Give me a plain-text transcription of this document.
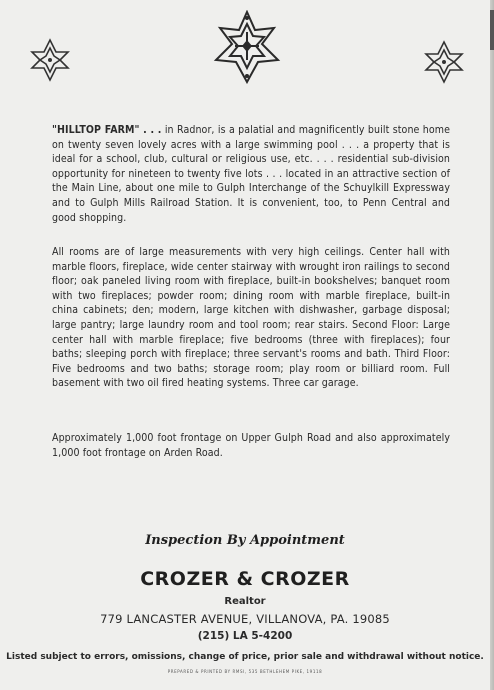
"HILLTOP FARM" . . . in Radnor, is a palatial and magnificently built stone home on twenty seven lovely acres with a large swimming pool . . . a property that is ideal for a school, club, cultural or religious use, etc. . . . residential sub-division opportunity for nineteen to twenty five lots . . . located in an attractive section of the Main Line, about one mile to Gulph Interchange of the Schuylkill Expressway and to Gulph Mills Railroad Station. It is convenient, too, to Penn Central and good shopping.
All rooms are of large measurements with very high ceilings. Center hall with marble floors, fireplace, wide center stairway with wrought iron railings to second floor; oak paneled living room with fireplace, built-in bookshelves; banquet room with two fireplaces; powder room; dining room with marble fireplace, built-in china cabinets; den; modern, large kitchen with dishwasher, garbage disposal; large pantry; large laundry room and tool room; rear stairs. Second Floor: Large center hall with marble fireplace; five bedrooms (three with fireplaces); four baths; sleeping porch with fireplace; three servant's rooms and bath. Third Floor: Five bedrooms and two baths; storage room; play room or billiard room. Full basement with two oil fired heating systems. Three car garage.
Approximately 1,000 foot frontage on Upper Gulph Road and also approximately 1,000 foot frontage on Arden Road.
Inspection By Appointment
CROZER & CROZER
Realtor
779 LANCASTER AVENUE, VILLANOVA, PA. 19085
(215) LA 5-4200
Listed subject to errors, omissions, change of price, prior sale and withdrawal without notice.
PREPARED & PRINTED BY RMSI, 535 BETHLEHEM PIKE, 19118
